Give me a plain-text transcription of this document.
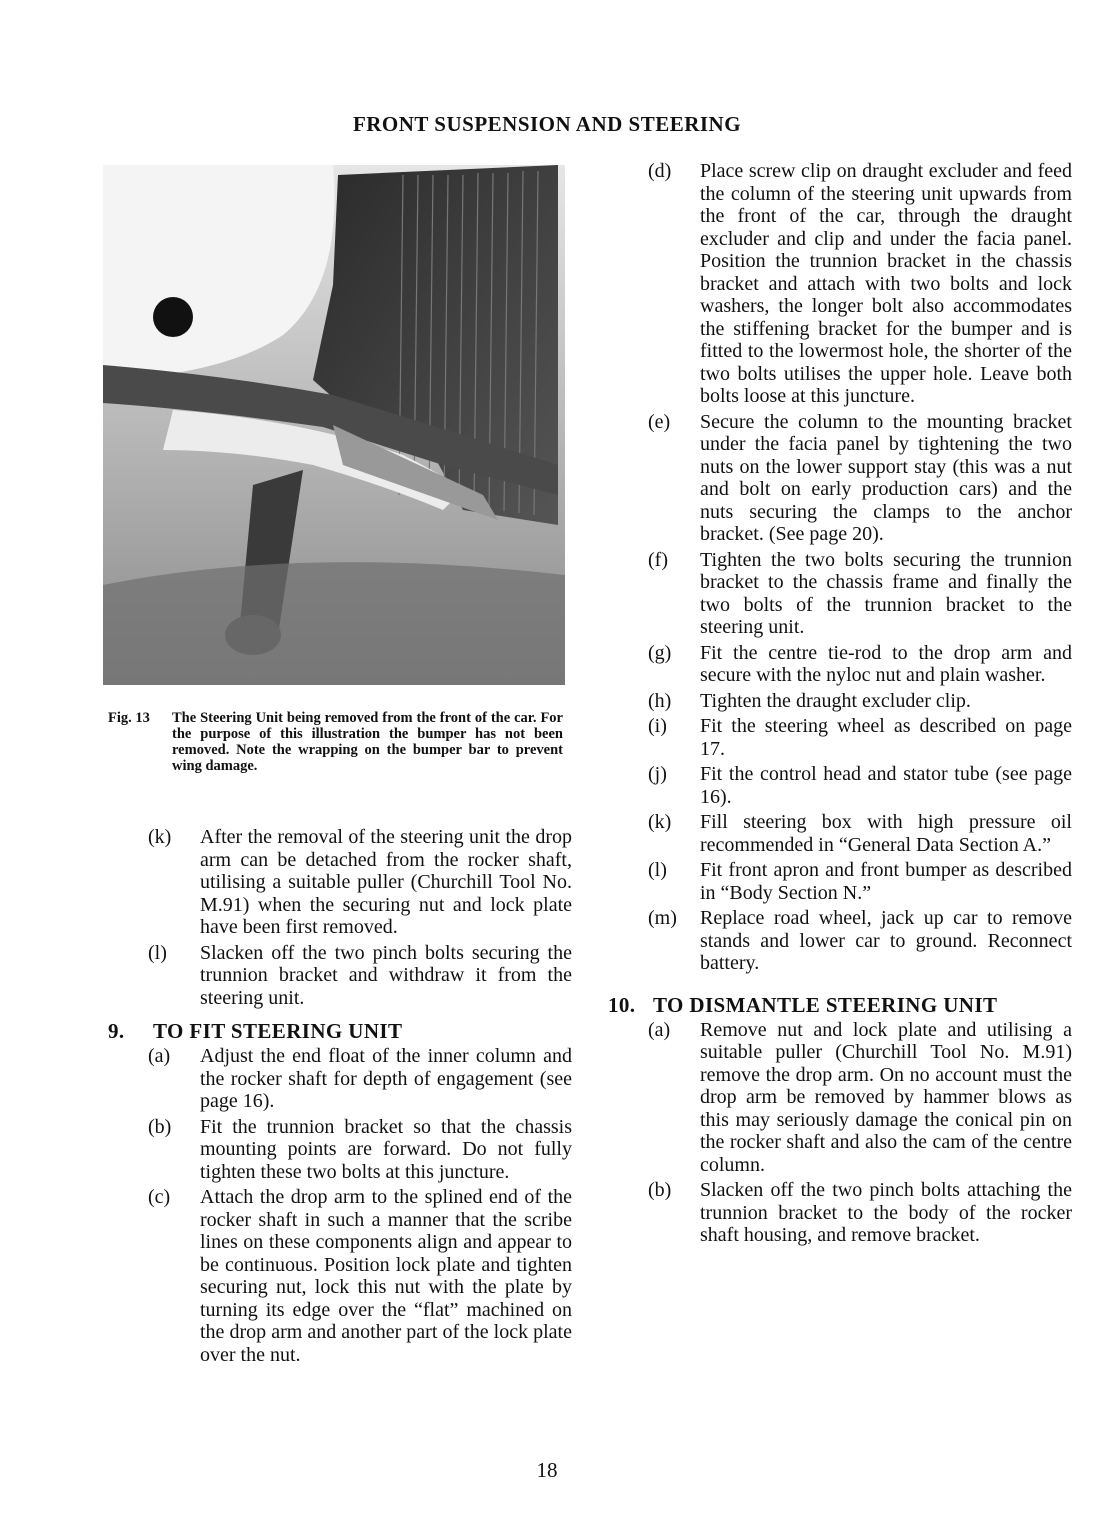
FRONT SUSPENSION AND STEERING
Fig. 13	The Steering Unit being removed from the front of the car. For the purpose of this illustration the bumper has not been removed. Note the wrapping on the bumper bar to prevent wing damage.
(k)	After the removal of the steering unit the drop arm can be detached from the rocker shaft, utilising a suitable puller (Churchill Tool No. M.91) when the securing nut and lock plate have been first removed.
(l)	Slacken off the two pinch bolts securing the trunnion bracket and withdraw it from the steering unit.
9.	TO FIT STEERING UNIT
(a)	Adjust the end float of the inner column and the rocker shaft for depth of engagement (see page 16).
(b)	Fit the trunnion bracket so that the chassis mounting points are forward. Do not fully tighten these two bolts at this juncture.
(c)	Attach the drop arm to the splined end of the rocker shaft in such a manner that the scribe lines on these components align and appear to be continuous. Position lock plate and tighten securing nut, lock this nut with the plate by turning its edge over the “flat” machined on the drop arm and another part of the lock plate over the nut.
(d)	Place screw clip on draught excluder and feed the column of the steering unit upwards from the front of the car, through the draught excluder and clip and under the facia panel. Position the trunnion bracket in the chassis bracket and attach with two bolts and lock washers, the longer bolt also accommodates the stiffening bracket for the bumper and is fitted to the lowermost hole, the shorter of the two bolts utilises the upper hole. Leave both bolts loose at this juncture.
(e)	Secure the column to the mounting bracket under the facia panel by tightening the two nuts on the lower support stay (this was a nut and bolt on early production cars) and the nuts securing the clamps to the anchor bracket. (See page 20).
(f)	Tighten the two bolts securing the trunnion bracket to the chassis frame and finally the two bolts of the trunnion bracket to the steering unit.
(g)	Fit the centre tie-rod to the drop arm and secure with the nyloc nut and plain washer.
(h)	Tighten the draught excluder clip.
(i)	Fit the steering wheel as described on page 17.
(j)	Fit the control head and stator tube (see page 16).
(k)	Fill steering box with high pressure oil recommended in “General Data Section A.”
(l)	Fit front apron and front bumper as described in “Body Section N.”
(m)	Replace road wheel, jack up car to remove stands and lower car to ground. Reconnect battery.
10. TO DISMANTLE STEERING UNIT
(a)	Remove nut and lock plate and utilising a suitable puller (Churchill Tool No. M.91) remove the drop arm. On no account must the drop arm be removed by hammer blows as this may seriously damage the conical pin on the rocker shaft and also the cam of the centre column.
(b)	Slacken off the two pinch bolts attaching the trunnion bracket to the body of the rocker shaft housing, and remove bracket.
18
